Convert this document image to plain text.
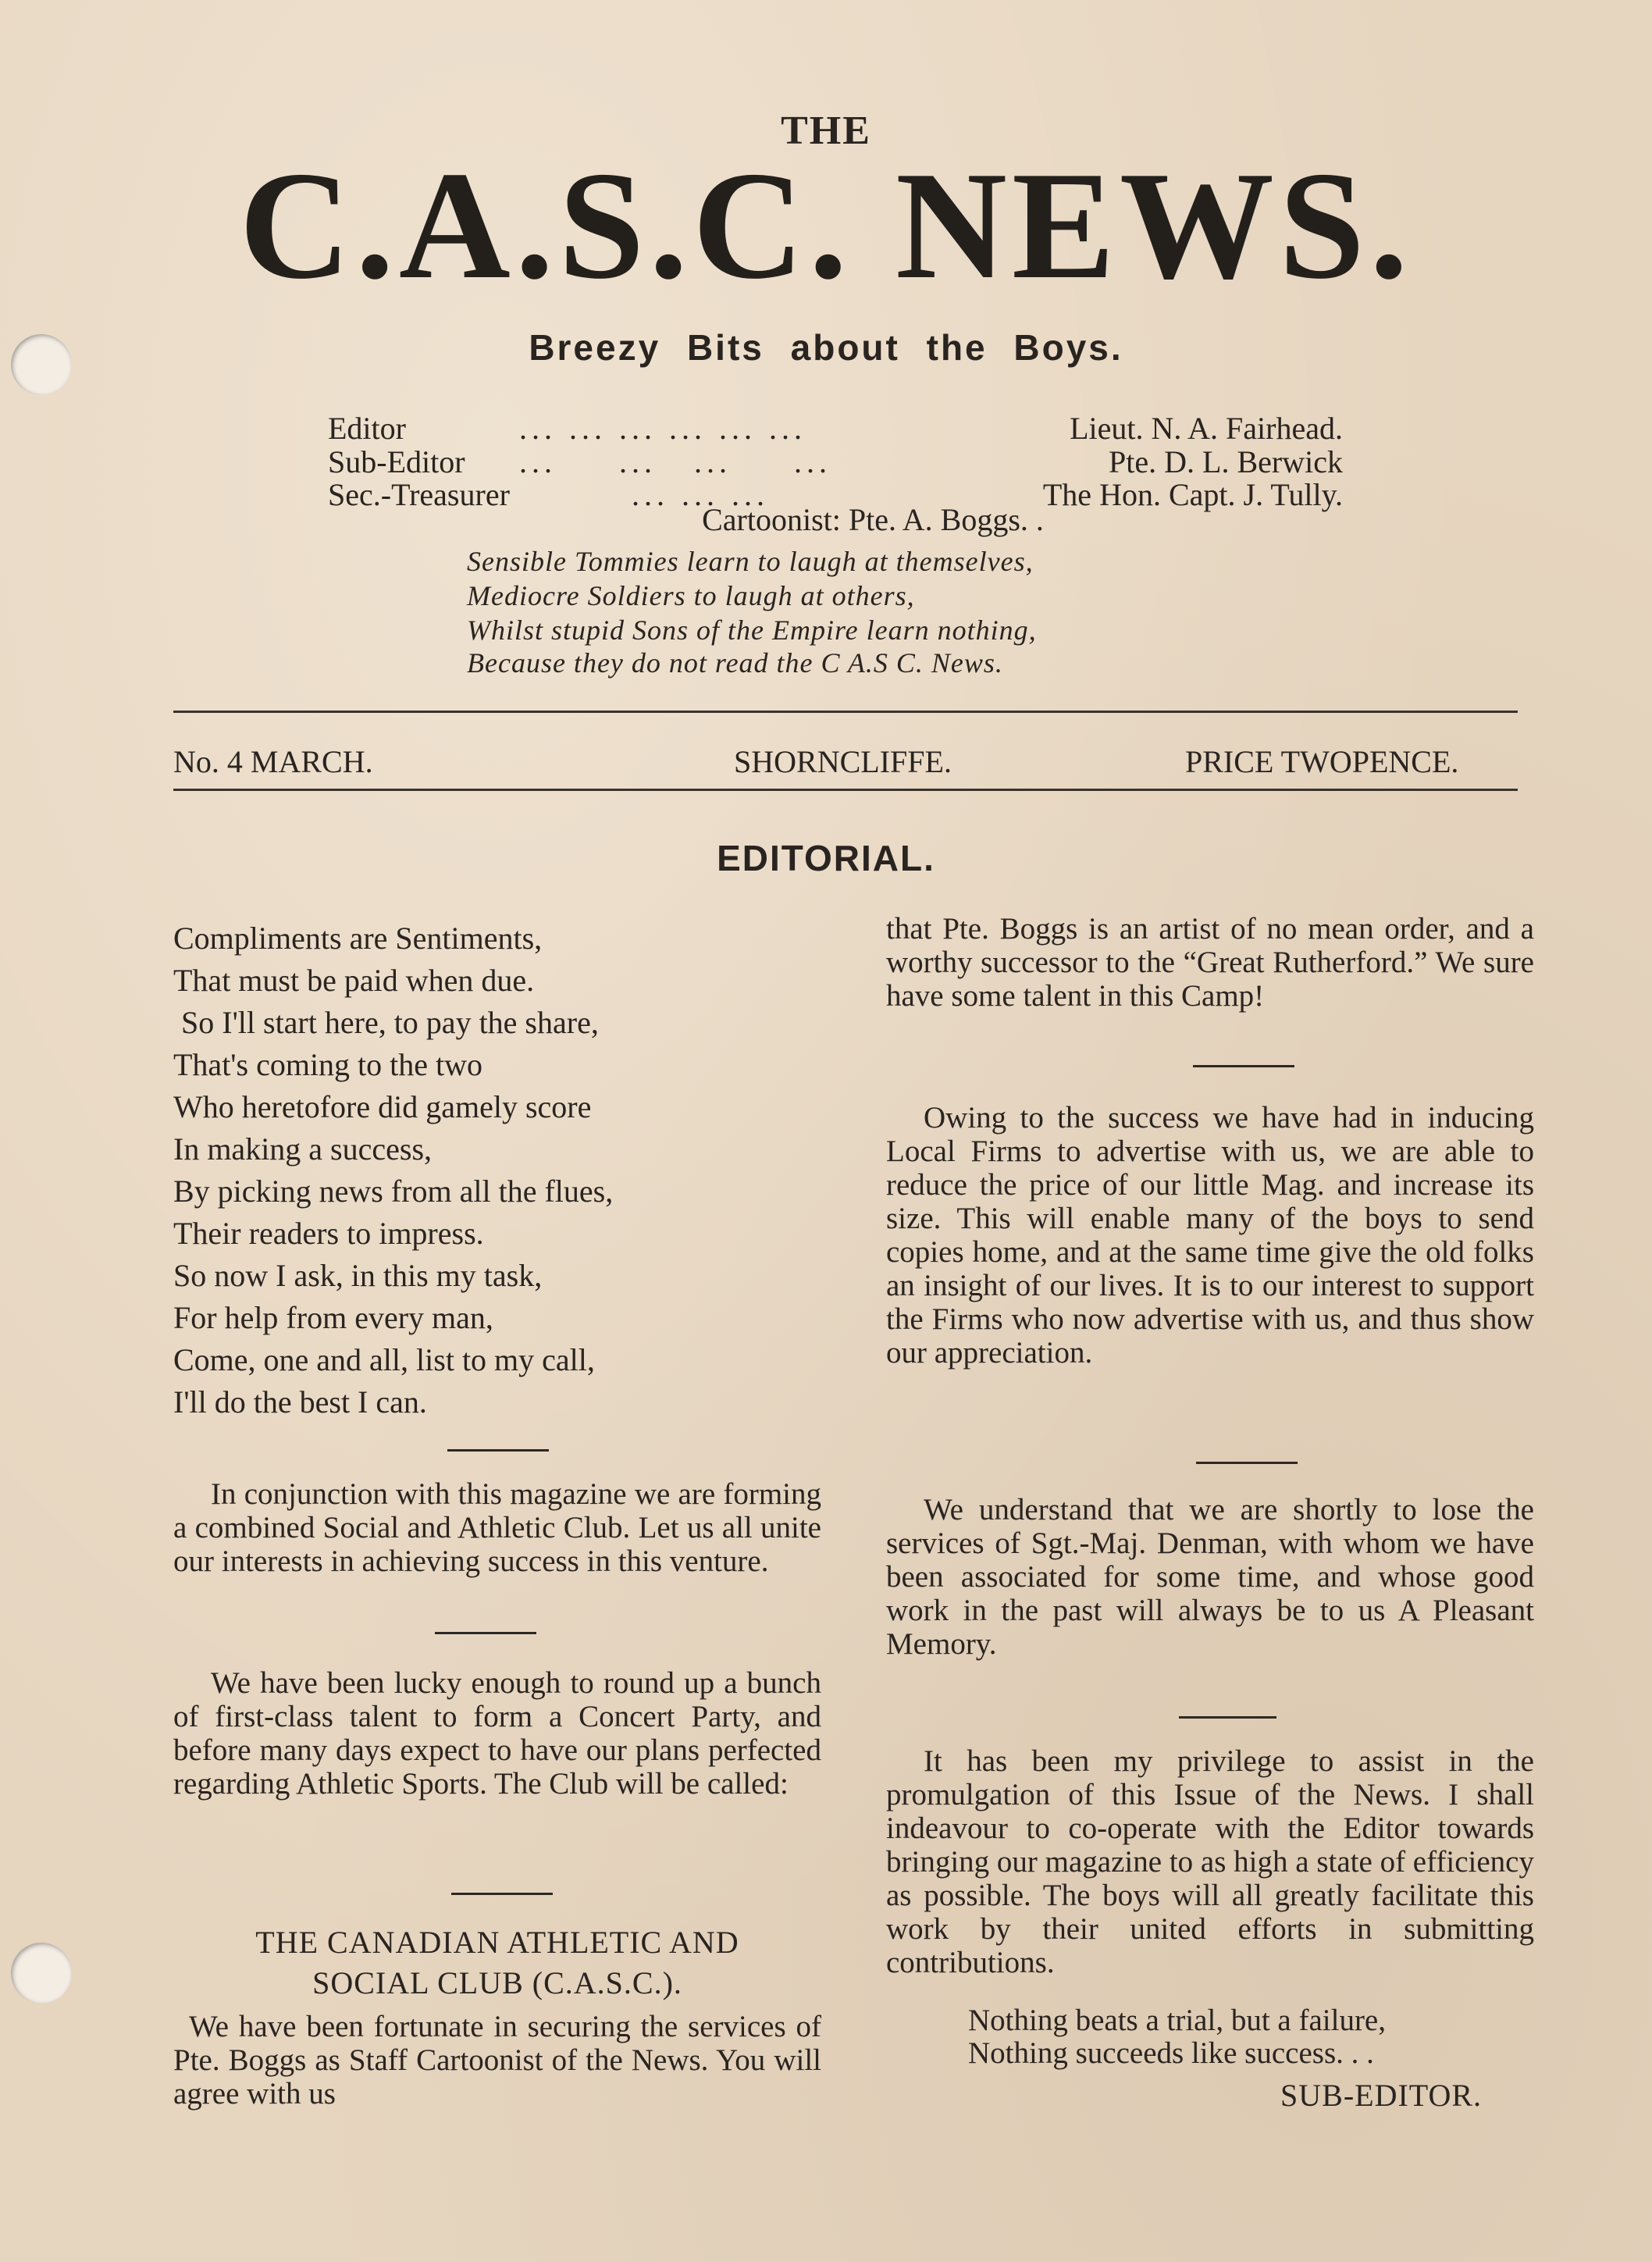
THE
C.A.S.C. NEWS.
Breezy Bits about the Boys.
Editor	... ... ... ... ... ...	Lieut. N. A. Fairhead.
Sub-Editor ...     ...   ...     ...	Pte. D. L. Berwick
Sec.-Treasurer ... ... ...	The Hon. Capt. J. Tully.
Cartoonist: Pte. A. Boggs. .
Sensible Tommies learn to laugh at themselves,
Mediocre Soldiers to laugh at others,
Whilst stupid Sons of the Empire learn nothing,
Because they do not read the C A.S C. News.
No. 4 MARCH.	SHORNCLIFFE.	PRICE TWOPENCE.
EDITORIAL.
Compliments are Sentiments,
That must be paid when due.
So I'll start here, to pay the share,
That's coming to the two
Who heretofore did gamely score
In making a success,
By picking news from all the flues,
Their readers to impress.
So now I ask, in this my task,
For help from every man,
Come, one and all, list to my call,
I'll do the best I can.
In conjunction with this magazine we are forming a combined Social and Athletic Club. Let us all unite our interests in achieving success in this venture.
We have been lucky enough to round up a bunch of first-class talent to form a Concert Party, and before many days expect to have our plans perfected regarding Athletic Sports. The Club will be called:
THE CANADIAN ATHLETIC AND
SOCIAL CLUB (C.A.S.C.).
We have been fortunate in securing the services of Pte. Boggs as Staff Cartoonist of the News. You will agree with us
that Pte. Boggs is an artist of no mean order, and a worthy successor to the “Great Rutherford.” We sure have some talent in this Camp!
Owing to the success we have had in inducing Local Firms to advertise with us, we are able to reduce the price of our little Mag. and increase its size. This will enable many of the boys to send copies home, and at the same time give the old folks an insight of our lives. It is to our interest to support the Firms who now advertise with us, and thus show our appreciation.
We understand that we are shortly to lose the services of Sgt.-Maj. Denman, with whom we have been associated for some time, and whose good work in the past will always be to us A Pleasant Memory.
It has been my privilege to assist in the promulgation of this Issue of the News. I shall indeavour to co-operate with the Editor towards bringing our magazine to as high a state of efficiency as possible. The boys will all greatly facilitate this work by their united efforts in submitting contributions.
Nothing beats a trial, but a failure,
Nothing succeeds like success. . .
SUB-EDITOR.
